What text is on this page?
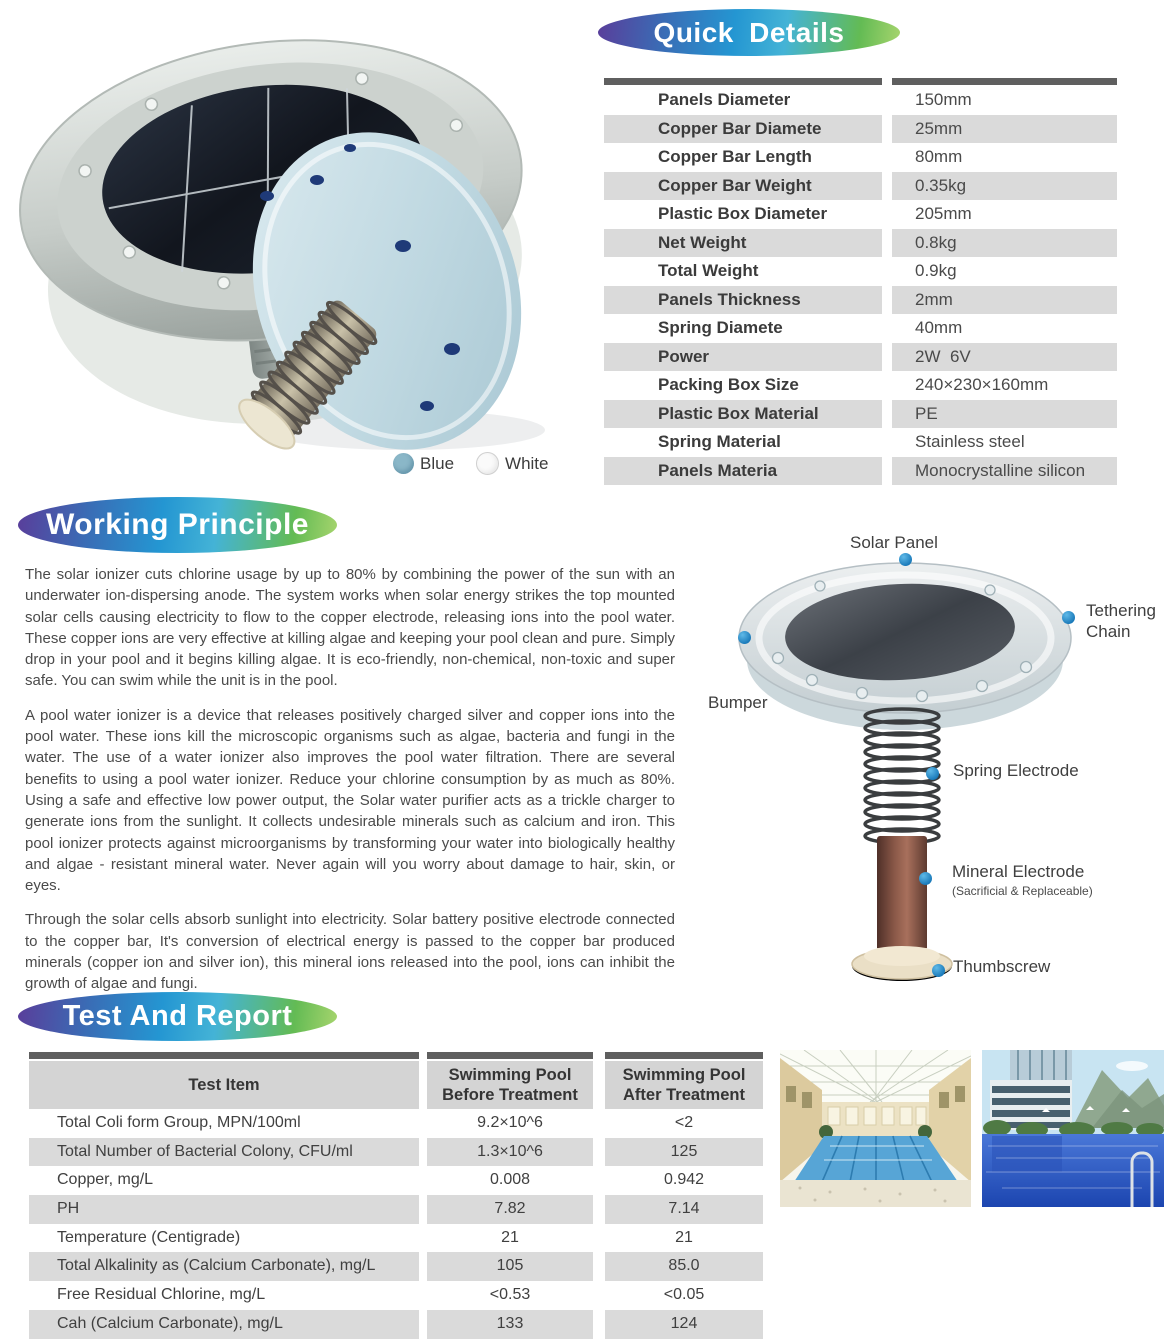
Blue	White
Quick Details
Panels Diameter	150mm
Copper Bar Diamete	25mm
Copper Bar Length	80mm
Copper Bar Weight	0.35kg
Plastic Box Diameter	205mm
Net Weight	0.8kg
Total Weight	0.9kg
Panels Thickness	2mm
Spring Diamete	40mm
Power	2W  6V
Packing Box Size	240×230×160mm
Plastic Box Material	PE
Spring Material	Stainless steel
Panels Materia	Monocrystalline silicon
Working Principle

The solar ionizer cuts chlorine usage by up to 80% by combining the power of the sun with an underwater ion-dispersing anode. The system works when solar energy strikes the top mounted solar cells causing electricity to flow to the copper electrode, releasing ions into the pool water. These copper ions are very effective at killing algae and keeping your pool clean and pure. Simply drop in your pool and it begins killing algae. It is eco-friendly, non-chemical, non-toxic and super safe. You can swim while the unit is in the pool.

A pool water ionizer is a device that releases positively charged silver and copper ions into the pool water. These ions kill the microscopic organisms such as algae, bacteria and fungi in the water. The use of a water ionizer also improves the pool water filtration. There are several benefits to using a pool water ionizer. Reduce your chlorine consumption by as much as 80%. Using a safe and effective low power output, the Solar water purifier acts as a trickle charger to generate ions from the sunlight. It collects undesirable minerals such as calcium and iron. This pool ionizer protects against microorganisms by transforming your water into biologically healthy and algae - resistant mineral water. Never again will you worry about damage to hair, skin, or eyes.

Through the solar cells absorb sunlight into electricity. Solar battery positive electrode connected to the copper bar, It's conversion of electrical energy is passed to the copper bar produced minerals (copper ion and silver ion), this mineral ions released into the pool, ions can inhibit the growth of algae and fungi.

Solar Panel
Tethering
Chain
Bumper
Spring Electrode
Mineral Electrode
(Sacrificial & Replaceable)
Thumbscrew
Test And Report
Test Item
Swimming Pool
Before Treatment
Swimming Pool
After Treatment
Total Coli form Group, MPN/100ml	9.2×10^6	<2
Total Number of Bacterial Colony, CFU/ml	1.3×10^6	125
Copper, mg/L	0.008	0.942
PH	7.82	7.14
Temperature (Centigrade)	21	21
Total Alkalinity as (Calcium Carbonate), mg/L	105	85.0
Free Residual Chlorine, mg/L	<0.53	<0.05
Cah (Calcium Carbonate), mg/L	133	124
